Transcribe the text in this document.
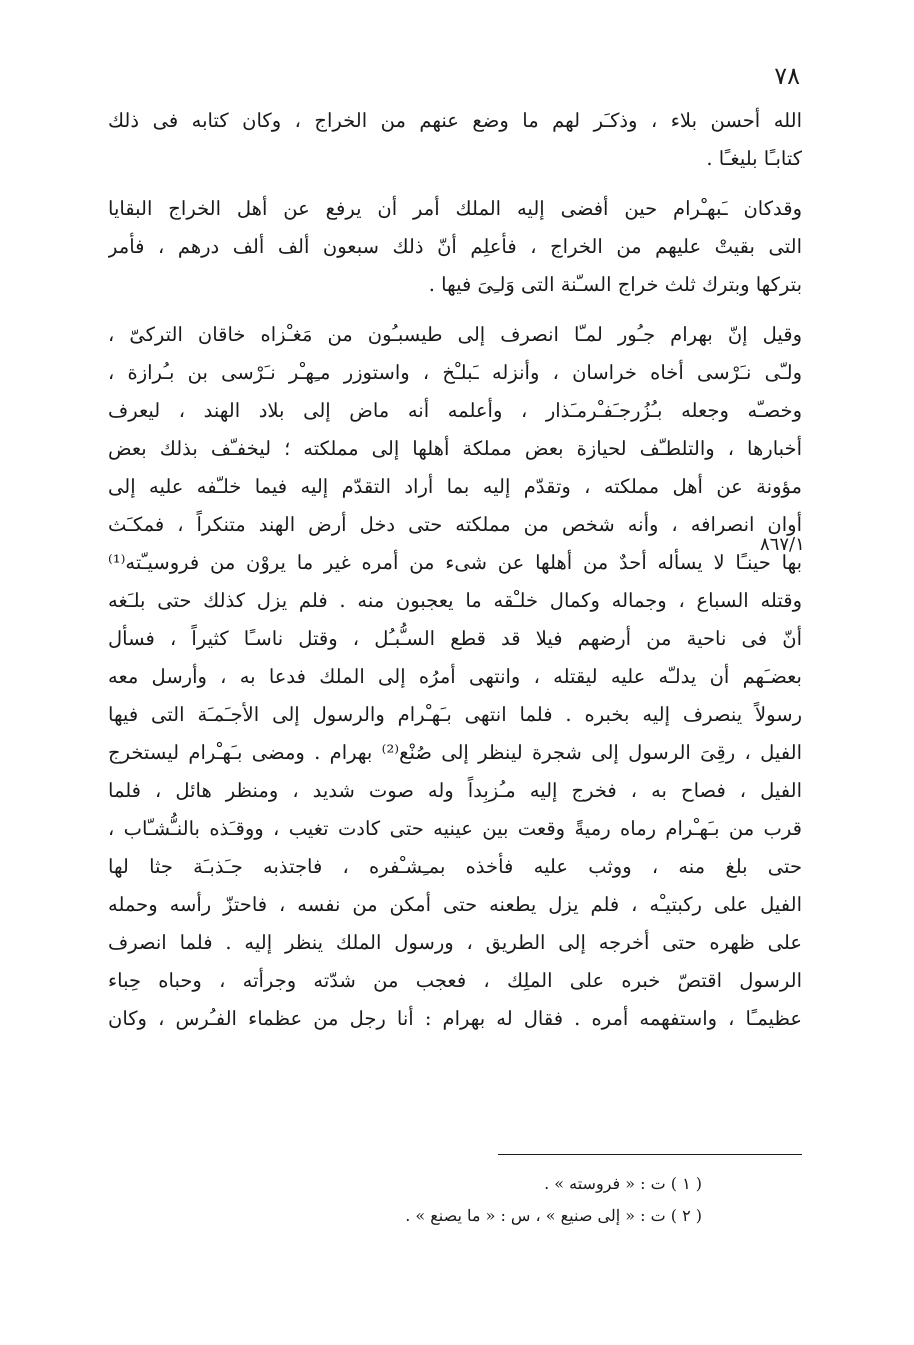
٧٨
٨٦٧/١
الله أحسن بلاء ، وذكـَر لهم ما وضع عنهم من الخراج ، وكان كتابه فى ذلك
كتابـًا بليغـًا .
وقدكان ـَبهـْرام حين أفضى إليه الملك أمر أن يرفع عن أهل الخراج البقايا
التى بقيتْ عليهم من الخراج ، فأعلِم أنّ ذلك سبعون ألف ألف درهم ، فأمر
بتركها وبترك ثلث خراج السـّنة التى وَلـِىَ فيها .
وقيل إنّ بهرام جـُور لمـّا انصرف إلى طيسبـُون من مَغـْزاه خاقان التركىّ ،
ولـّى نـَرْسى أخاه خراسان ، وأنزله ـَبلـْخ ، واستوزر مـِهـْر نـَرْسى بن بـُرازة ،
وخصـّه وجعله بـُزُرجـَفـْرمـَذار ، وأعلمه أنه ماض إلى بلاد الهند ، ليعرف
أخبارها ، والتلطـّف لحيازة بعض مملكة أهلها إلى مملكته ؛ ليخفـّف بذلك بعض
مؤونة عن أهل مملكته ، وتقدّم إليه بما أراد التقدّم إليه فيما خلـّفه عليه إلى
أوان انصرافه ، وأنه شخص من مملكته حتى دخل أرض الهند متنكراً ، فمكـَث
بها حينـًا لا يسأله أحدٌ من أهلها عن شىء من أمره غير ما يروْن من فروسيـّته⁽¹⁾
وقتله السباع ، وجماله وكمال خلـْقه ما يعجبون منه . فلم يزل كذلك حتى بلـَغه
أنّ فى ناحية من أرضهم فيلا قد قطع السـُّبـُل ، وقتل ناسـًا كثيراً ، فسأل
بعضـَهم أن يدلـّه عليه ليقتله ، وانتهى أمرُه إلى الملك فدعا به ، وأرسل معه
رسولاً ينصرف إليه بخبره . فلما انتهى بـَهـْرام والرسول إلى الأجـَمـَة التى فيها
الفيل ، رقِىَ الرسول إلى شجرة لينظر إلى صُنْع⁽²⁾ بهرام . ومضى بـَهـْرام ليستخرج
الفيل ، فصاح به ، فخرج إليه مـُزبِداً وله صوت شديد ، ومنظر هائل ، فلما
قرب من بـَهـْرام رماه رميةً وقعت بين عينيه حتى كادت تغيب ، ووقـَذه بالنـُّشـّاب ،
حتى بلغ منه ، ووثب عليه فأخذه بمـِشـْفره ، فاجتذبه جـَذبـَة جثا لها
الفيل على ركبتيـْه ، فلم يزل يطعنه حتى أمكن من نفسه ، فاحتزّ رأسه وحمله
على ظهره حتى أخرجه إلى الطريق ، ورسول الملك ينظر إليه . فلما انصرف
الرسول اقتصّ خبره على الملِك ، فعجب من شدّته وجرأته ، وحباه حِباء
عظيمـًا ، واستفهمه أمره . فقال له بهرام : أنا رجل من عظماء الفـُرس ، وكان
( ١ ) ت : « فروسته » .
( ٢ ) ت : « إلى صنيع » ، س : « ما يصنع » .
